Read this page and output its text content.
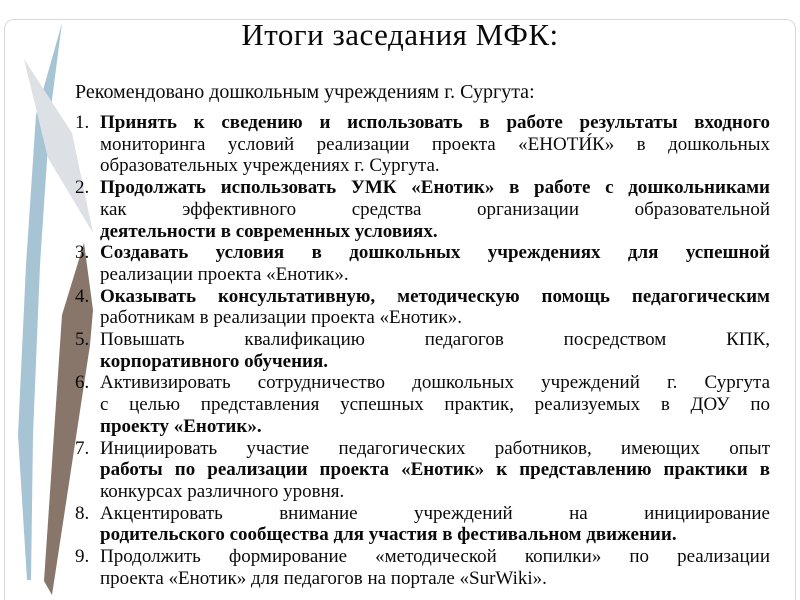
Итоги заседания МФК:
Рекомендовано дошкольным учреждениям г. Сургута:
1. Принять к сведению и использовать в работе результаты входного
мониторинга условий реализации проекта «ЕНОТИ́К» в дошкольных
образовательных учреждениях г. Сургута.
2. Продолжать использовать УМК «Енотик» в работе с дошкольниками
как эффективного средства организации образовательной
деятельности в современных условиях.
3. Создавать условия в дошкольных учреждениях для успешной
реализации проекта «Енотик».
4. Оказывать консультативную, методическую помощь педагогическим
работникам в реализации проекта «Енотик».
5. Повышать квалификацию педагогов посредством КПК,
корпоративного обучения.
6. Активизировать сотрудничество дошкольных учреждений г. Сургута
с целью представления успешных практик, реализуемых в ДОУ по
проекту «Енотик».
7. Инициировать участие педагогических работников, имеющих опыт
работы по реализации проекта «Енотик» к представлению практики в
конкурсах различного уровня.
8. Акцентировать внимание учреждений на инициирование
родительского сообщества для участия в фестивальном движении.
9. Продолжить формирование «методической копилки» по реализации
проекта «Енотик» для педагогов на портале «SurWiki».
